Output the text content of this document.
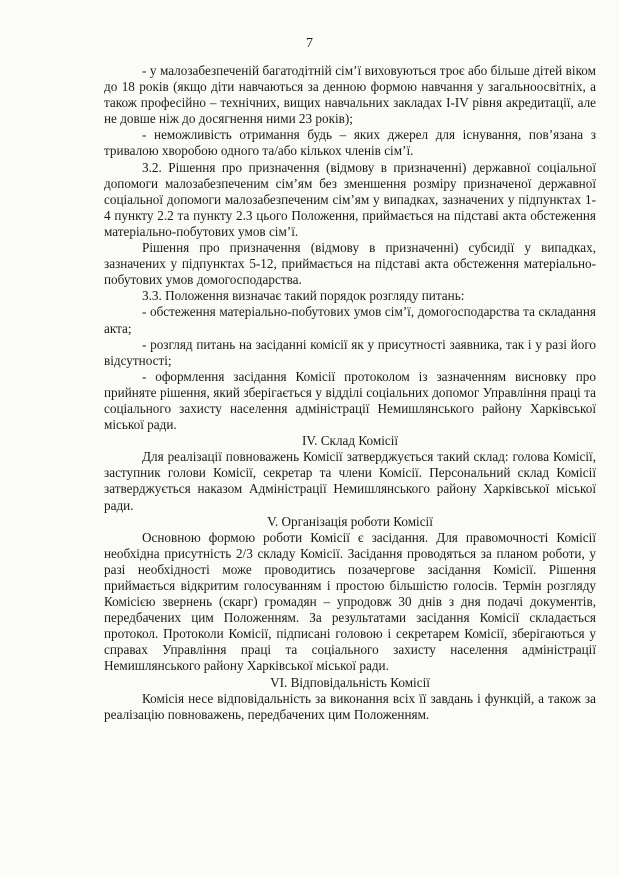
7

- у малозабезпеченій багатодітній сім’ї виховуються троє або більше дітей віком до 18 років (якщо діти навчаються за денною формою навчання у загальноосвітніх, а також професійно – технічних, вищих навчальних закладах I-IV рівня акредитації, але не довше ніж до досягнення ними 23 років);

- неможливість отримання будь – яких джерел для існування, пов’язана з тривалою хворобою одного та/або кількох членів сім’ї.

3.2. Рішення про призначення (відмову в призначенні) державної соціальної допомоги малозабезпеченим сім’ям без зменшення розміру призначеної державної соціальної допомоги малозабезпеченим сім’ям у випадках, зазначених у підпунктах 1-4 пункту 2.2 та пункту 2.3 цього Положення, приймається на підставі акта обстеження матеріально-побутових умов сім’ї.

Рішення про призначення (відмову в призначенні) субсидії у випадках, зазначених у підпунктах 5-12, приймається на підставі акта обстеження матеріально-побутових умов домогосподарства.

3.3. Положення визначає такий порядок розгляду питань:

- обстеження матеріально-побутових умов сім’ї, домогосподарства та складання акта;

- розгляд питань на засіданні комісії як у присутності заявника, так і у разі його відсутності;

- оформлення засідання Комісії протоколом із зазначенням висновку про прийняте рішення, який зберігається у відділі соціальних допомог Управління праці та соціального захисту населення адміністрації Немишлянського району Харківської міської ради.

IV. Склад Комісії

Для реалізації повноважень Комісії затверджується такий склад: голова Комісії, заступник голови Комісії, секретар та члени Комісії. Персональний склад Комісії затверджується наказом Адміністрації Немишлянського району Харківської міської ради.

V. Організація роботи Комісії

Основною формою роботи Комісії є засідання. Для правомочності Комісії необхідна присутність 2/3 складу Комісії. Засідання проводяться за планом роботи, у разі необхідності може проводитись позачергове засідання Комісії. Рішення приймається відкритим голосуванням і простою більшістю голосів. Термін розгляду Комісією звернень (скарг) громадян – упродовж 30 днів з дня подачі документів, передбачених цим Положенням. За результатами засідання Комісії складається протокол. Протоколи Комісії, підписані головою і секретарем Комісії, зберігаються у справах Управління праці та соціального захисту населення адміністрації Немишлянського району Харківської міської ради.

VI. Відповідальність Комісії

Комісія несе відповідальність за виконання всіх її завдань і функцій, а також за реалізацію повноважень, передбачених цим Положенням.
